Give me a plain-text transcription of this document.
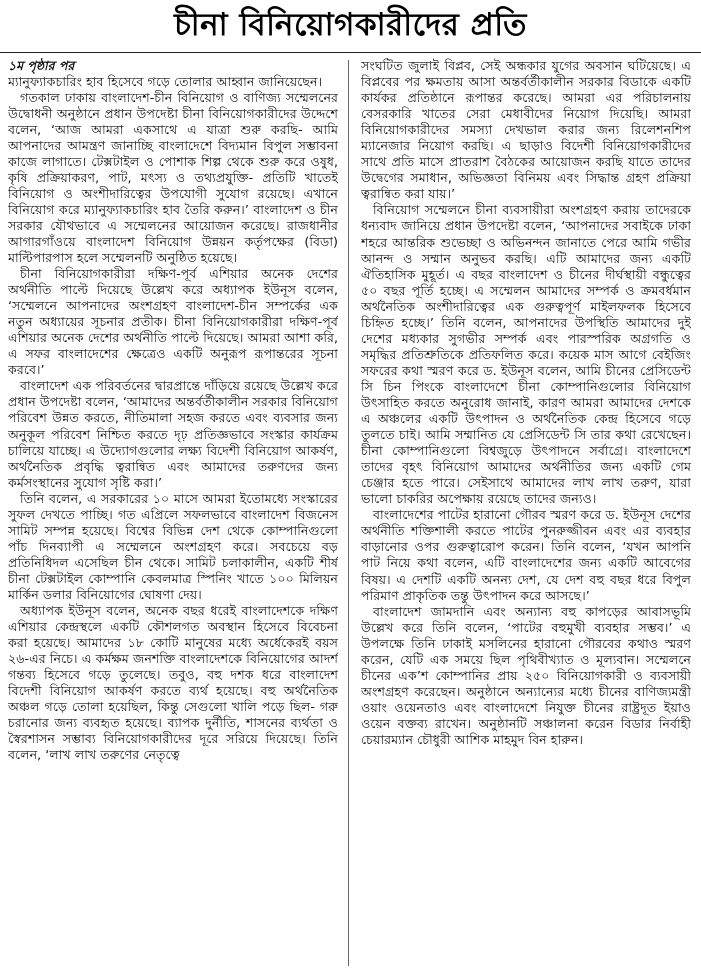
চীনা বিনিয়োগকারীদের প্রতি

১ম পৃষ্ঠার পর

ম্যানুফ্যাকচারিং হাব হিসেবে গড়ে তোলার আহ্বান জানিয়েছেন।

গতকাল ঢাকায় বাংলাদেশ-চীন বিনিয়োগ ও বাণিজ্য সম্মেলনের উদ্বোধনী অনুষ্ঠানে প্রধান উপদেষ্টা চীনা বিনিয়োগকারীদের উদ্দেশে বলেন, ‘আজ আমরা একসাথে এ যাত্রা শুরু করছি- আমি আপনাদের আমন্ত্রণ জানাচ্ছি বাংলাদেশে বিদ্যমান বিপুল সম্ভাবনা কাজে লাগাতে। টেক্সটাইল ও পোশাক শিল্প থেকে শুরু করে ওষুধ, কৃষি প্রক্রিয়াকরণ, পাট, মৎস্য ও তথ্যপ্রযুক্তি- প্রতিটি খাতেই বিনিয়োগ ও অংশীদারিত্বের উপযোগী সুযোগ রয়েছে। এখানে বিনিয়োগ করে ম্যানুফ্যাকচারিং হাব তৈরি করুন।’ বাংলাদেশ ও চীন সরকার যৌথভাবে এ সম্মেলনের আয়োজন করেছে। রাজধানীর আগারগাঁওয়ে বাংলাদেশ বিনিয়োগ উন্নয়ন কর্তৃপক্ষের (বিডা) মাল্টিপারপাস হলে সম্মেলনটি অনুষ্ঠিত হয়েছে।

চীনা বিনিয়োগকারীরা দক্ষিণ-পূর্ব এশিয়ার অনেক দেশের অর্থনীতি পাল্টে দিয়েছে উল্লেখ করে অধ্যাপক ইউনূস বলেন, ‘সম্মেলনে আপনাদের অংশগ্রহণ বাংলাদেশ-চীন সম্পর্কের এক নতুন অধ্যায়ের সূচনার প্রতীক। চীনা বিনিয়োগকারীরা দক্ষিণ-পূর্ব এশিয়ার অনেক দেশের অর্থনীতি পাল্টে দিয়েছে। আমরা আশা করি, এ সফর বাংলাদেশের ক্ষেত্রেও একটি অনুরূপ রূপান্তরের সূচনা করবে।’

বাংলাদেশ এক পরিবর্তনের দ্বারপ্রান্তে দাঁড়িয়ে রয়েছে উল্লেখ করে প্রধান উপদেষ্টা বলেন, ‘আমাদের অন্তর্বর্তীকালীন সরকার বিনিয়োগ পরিবেশ উন্নত করতে, নীতিমালা সহজ করতে এবং ব্যবসার জন্য অনুকূল পরিবেশ নিশ্চিত করতে দৃঢ় প্রতিজ্ঞভাবে সংস্কার কার্যক্রম চালিয়ে যাচ্ছে। এ উদ্যোগগুলোর লক্ষ্য বিদেশী বিনিয়োগ আকর্ষণ, অর্থনৈতিক প্রবৃদ্ধি ত্বরান্বিত এবং আমাদের তরুণদের জন্য কর্মসংস্থানের সুযোগ সৃষ্টি করা।’

তিনি বলেন, এ সরকারের ১০ মাসে আমরা ইতোমধ্যে সংস্কারের সুফল দেখতে পাচ্ছি। গত এপ্রিলে সফলভাবে বাংলাদেশ বিজনেস সামিট সম্পন্ন হয়েছে। বিশ্বের বিভিন্ন দেশ থেকে কোম্পানিগুলো পাঁচ দিনব্যাপী এ সম্মেলনে অংশগ্রহণ করে। সবচেয়ে বড় প্রতিনিধিদল এসেছিল চীন থেকে। সামিট চলাকালীন, একটি শীর্ষ চীনা টেক্সটাইল কোম্পানি কেবলমাত্র স্পিনিং খাতে ১০০ মিলিয়ন মার্কিন ডলার বিনিয়োগের ঘোষণা দেয়।

অধ্যাপক ইউনূস বলেন, অনেক বছর ধরেই বাংলাদেশকে দক্ষিণ এশিয়ার কেন্দ্রস্থলে একটি কৌশলগত অবস্থান হিসেবে বিবেচনা করা হয়েছে। আমাদের ১৮ কোটি মানুষের মধ্যে অর্ধেকেরই বয়স ২৬-এর নিচে। এ কর্মক্ষম জনশক্তি বাংলাদেশকে বিনিয়োগের আদর্শ গন্তব্য হিসেবে গড়ে তুলেছে। তবুও, বহু দশক ধরে বাংলাদেশ বিদেশী বিনিয়োগ আকর্ষণ করতে ব্যর্থ হয়েছে। বহু অর্থনৈতিক অঞ্চল গড়ে তোলা হয়েছিল, কিন্তু সেগুলো খালি পড়ে ছিল- গরু চরানোর জন্য ব্যবহৃত হয়েছে। ব্যাপক দুর্নীতি, শাসনের ব্যর্থতা ও স্বৈরশাসন সম্ভাব্য বিনিয়োগকারীদের দূরে সরিয়ে দিয়েছে। তিনি বলেন, ‘লাখ লাখ তরুণের নেতৃত্বে

সংঘটিত জুলাই বিপ্লব, সেই অন্ধকার যুগের অবসান ঘটিয়েছে। এ বিপ্লবের পর ক্ষমতায় আসা অন্তর্বর্তীকালীন সরকার বিডাকে একটি কার্যকর প্রতিষ্ঠানে রূপান্তর করেছে। আমরা এর পরিচালনায় বেসরকারি খাতের সেরা মেধাবীদের নিয়োগ দিয়েছি। আমরা বিনিয়োগকারীদের সমস্যা দেখভাল করার জন্য রিলেশনশিপ ম্যানেজার নিয়োগ করছি। এ ছাড়াও বিদেশী বিনিয়োগকারীদের সাথে প্রতি মাসে প্রাতরাশ বৈঠকের আয়োজন করছি যাতে তাদের উদ্বেগের সমাধান, অভিজ্ঞতা বিনিময় এবং সিদ্ধান্ত গ্রহণ প্রক্রিয়া ত্বরান্বিত করা যায়।’

বিনিয়োগ সম্মেলনে চীনা ব্যবসায়ীরা অংশগ্রহণ করায় তাদেরকে ধন্যবাদ জানিয়ে প্রধান উপদেষ্টা বলেন, ‘আপনাদের সবাইকে ঢাকা শহরে আন্তরিক শুভেচ্ছা ও অভিনন্দন জানাতে পেরে আমি গভীর আনন্দ ও সম্মান অনুভব করছি। এটি আমাদের জন্য একটি ঐতিহাসিক মুহূর্ত। এ বছর বাংলাদেশ ও চীনের দীর্ঘস্থায়ী বন্ধুত্বের ৫০ বছর পূর্তি হচ্ছে। এ সম্মেলন আমাদের সম্পর্ক ও ক্রমবর্ধমান অর্থনৈতিক অংশীদারিত্বের এক গুরুত্বপূর্ণ মাইলফলক হিসেবে চিহ্নিত হচ্ছে।’ তিনি বলেন, আপনাদের উপস্থিতি আমাদের দুই দেশের মধ্যকার সুগভীর সম্পর্ক এবং পারস্পরিক অগ্রগতি ও সমৃদ্ধির প্রতিশ্রুতিকে প্রতিফলিত করে। কয়েক মাস আগে বেইজিং সফরের কথা স্মরণ করে ড. ইউনূস বলেন, আমি চীনের প্রেসিডেন্ট সি চিন পিংকে বাংলাদেশে চীনা কোম্পানিগুলোর বিনিয়োগ উৎসাহিত করতে অনুরোধ জানাই, কারণ আমরা আমাদের দেশকে এ অঞ্চলের একটি উৎপাদন ও অর্থনৈতিক কেন্দ্র হিসেবে গড়ে তুলতে চাই। আমি সম্মানিত যে প্রেসিডেন্ট সি তার কথা রেখেছেন। চীনা কোম্পানিগুলো বিশ্বজুড়ে উৎপাদনে সর্বাগ্রে। বাংলাদেশে তাদের বৃহৎ বিনিয়োগ আমাদের অর্থনীতির জন্য একটি গেম চেঞ্জার হতে পারে। সেইসাথে আমাদের লাখ লাখ তরুণ, যারা ভালো চাকরির অপেক্ষায় রয়েছে তাদের জন্যও।

বাংলাদেশের পাটের হারানো গৌরব স্মরণ করে ড. ইউনূস দেশের অর্থনীতি শক্তিশালী করতে পাটের পুনরুজ্জীবন এবং এর ব্যবহার বাড়ানোর ওপর গুরুত্বারোপ করেন। তিনি বলেন, ‘যখন আপনি পাট নিয়ে কথা বলেন, এটি বাংলাদেশের জন্য একটি আবেগের বিষয়। এ দেশটি একটি অনন্য দেশ, যে দেশ বহু বছর ধরে বিপুল পরিমাণ প্রাকৃতিক তন্তু উৎপাদন করে আসছে।’

বাংলাদেশ জামদানি এবং অন্যান্য বহু কাপড়ের আবাসভূমি উল্লেখ করে তিনি বলেন, ‘পাটের বহুমুখী ব্যবহার সম্ভব।’ এ উপলক্ষে তিনি ঢাকাই মসলিনের হারানো গৌরবের কথাও স্মরণ করেন, যেটি এক সময়ে ছিল পৃথিবীখ্যাত ও মূল্যবান। সম্মেলনে চীনের এক’শ কোম্পানির প্রায় ২৫০ বিনিয়োগকারী ও ব্যবসায়ী অংশগ্রহণ করেছেন। অনুষ্ঠানে অন্যান্যের মধ্যে চীনের বাণিজ্যমন্ত্রী ওয়াং ওয়েনতাও এবং বাংলাদেশে নিযুক্ত চীনের রাষ্ট্রদূত ইয়াও ওয়েন বক্তব্য রাখেন। অনুষ্ঠানটি সঞ্চালনা করেন বিডার নির্বাহী চেয়ারম্যান চৌধুরী আশিক মাহমুদ বিন হারুন।
